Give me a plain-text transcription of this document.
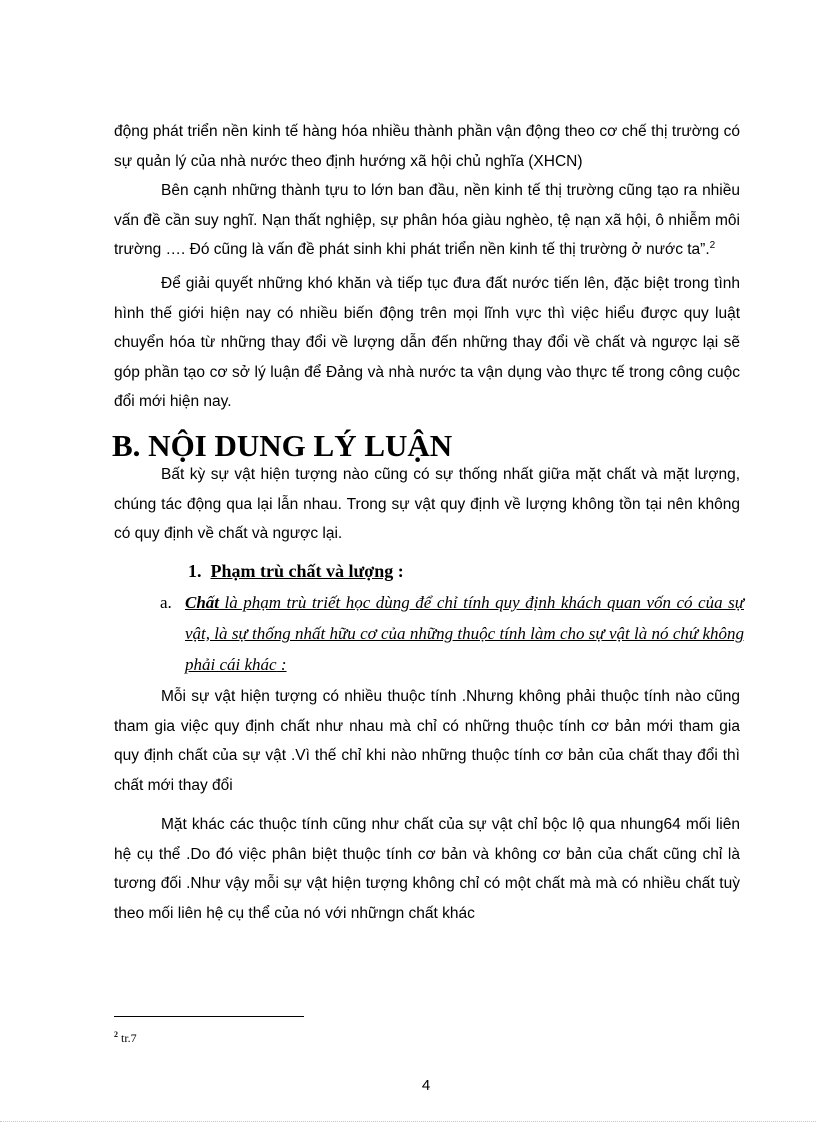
động phát triển nền kinh tế hàng hóa nhiều thành phần vận động theo cơ chế thị trường có sự quản lý của nhà nước theo định hướng xã hội chủ nghĩa (XHCN)

Bên cạnh những thành tựu to lớn ban đầu, nền kinh tế thị trường cũng tạo ra nhiều vấn đề cần suy nghĩ. Nạn thất nghiệp, sự phân hóa giàu nghèo, tệ nạn xã hội, ô nhiễm môi trường …. Đó cũng là vấn đề phát sinh khi phát triển nền kinh tế thị trường ở nước ta”.$^2$

Để giải quyết những khó khăn và tiếp tục đưa đất nước tiến lên, đặc biệt trong tình hình thế giới hiện nay có nhiều biến động trên mọi lĩnh vực thì việc hiểu được quy luật chuyển hóa từ những thay đổi về lượng dẫn đến những thay đổi về chất và ngược lại sẽ góp phần tạo cơ sở lý luận để Đảng và nhà nước ta vận dụng vào thực tế trong công cuộc đổi mới hiện nay.

B. NỘI DUNG LÝ LUẬN

Bất kỳ sự vật hiện tượng nào cũng có sự thống nhất giữa mặt chất và mặt lượng, chúng tác động qua lại lẫn nhau. Trong sự vật quy định về lượng không tồn tại nên không có quy định về chất và ngược lại.

1. Phạm trù chất và lượng :
a. Chất là phạm trù triết học dùng để chỉ tính quy định khách quan vốn có của sự vật, là sự thống nhất hữu cơ của những thuộc tính làm cho sự vật là nó chứ không phải cái khác :

Mỗi sự vật hiện tượng có nhiều thuộc tính .Nhưng không phải thuộc tính nào cũng tham gia việc quy định chất như nhau mà chỉ có những thuộc tính cơ bản mới tham gia quy định chất của sự vật .Vì thế chỉ khi nào những thuộc tính cơ bản của chất thay đổi thì chất mới thay đổi

Mặt khác các thuộc tính cũng như chất của sự vật chỉ bộc lộ qua nhung64 mối liên hệ cụ thể .Do đó việc phân biệt thuộc tính cơ bản và không cơ bản của chất cũng chỉ là tương đối .Như vậy mỗi sự vật hiện tượng không chỉ có một chất mà mà có nhiều chất tuỳ theo mối liên hệ cụ thể của nó với nhữngn chất khác

$^2$ tr.7

4
